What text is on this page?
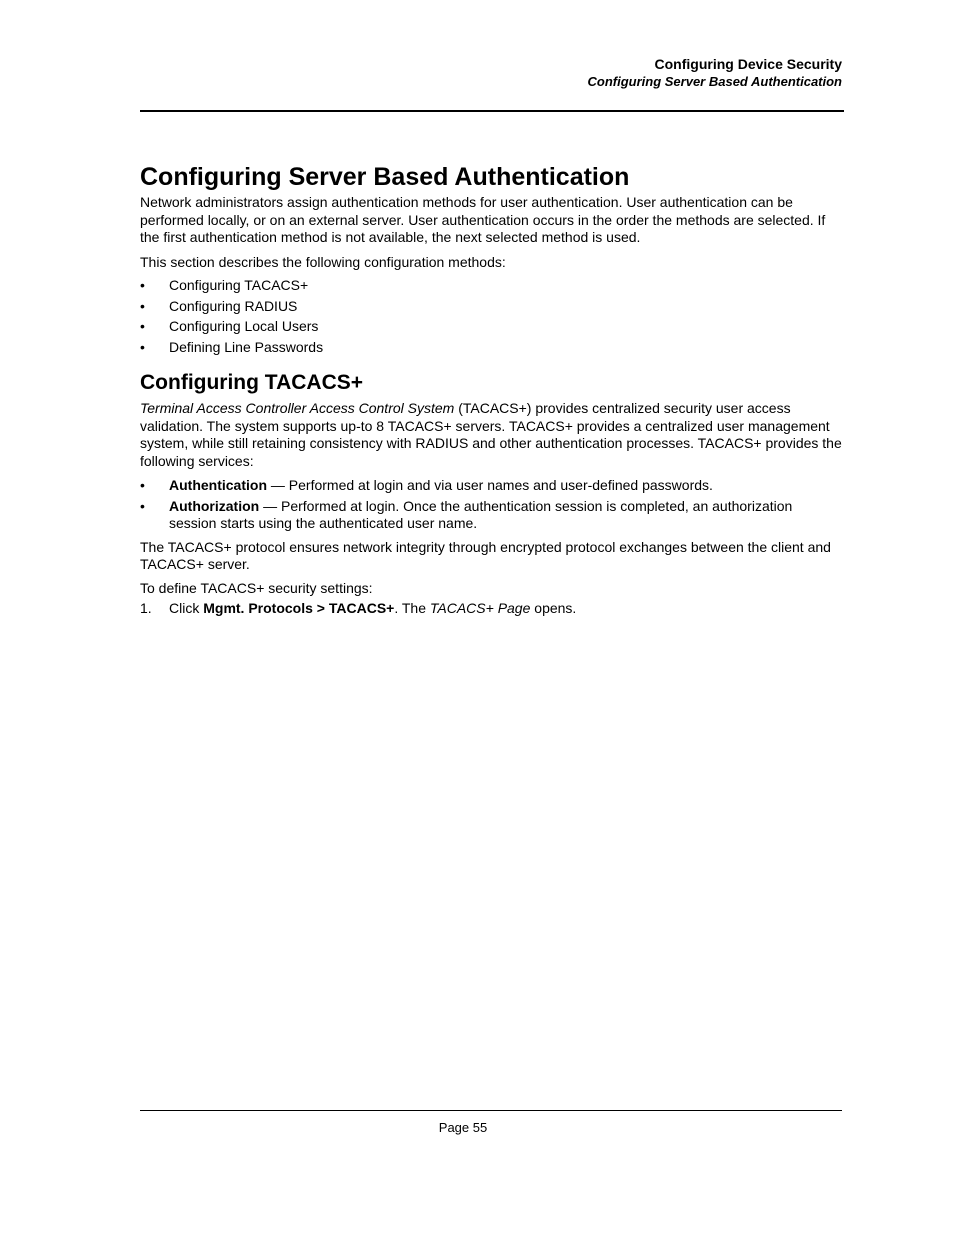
Configuring Device Security
Configuring Server Based Authentication
Configuring Server Based Authentication

Network administrators assign authentication methods for user authentication. User authentication can be performed locally, or on an external server. User authentication occurs in the order the methods are selected. If the first authentication method is not available, the next selected method is used.

This section describes the following configuration methods:

• Configuring TACACS+
• Configuring RADIUS
• Configuring Local Users
• Defining Line Passwords
Configuring TACACS+

Terminal Access Controller Access Control System (TACACS+) provides centralized security user access validation. The system supports up-to 8 TACACS+ servers. TACACS+ provides a centralized user management system, while still retaining consistency with RADIUS and other authentication processes. TACACS+ provides the following services:

• Authentication — Performed at login and via user names and user-defined passwords.
• Authorization — Performed at login. Once the authentication session is completed, an authorization session starts using the authenticated user name.

The TACACS+ protocol ensures network integrity through encrypted protocol exchanges between the client and TACACS+ server.

To define TACACS+ security settings:

1. Click Mgmt. Protocols > TACACS+. The TACACS+ Page opens.
Page 55
